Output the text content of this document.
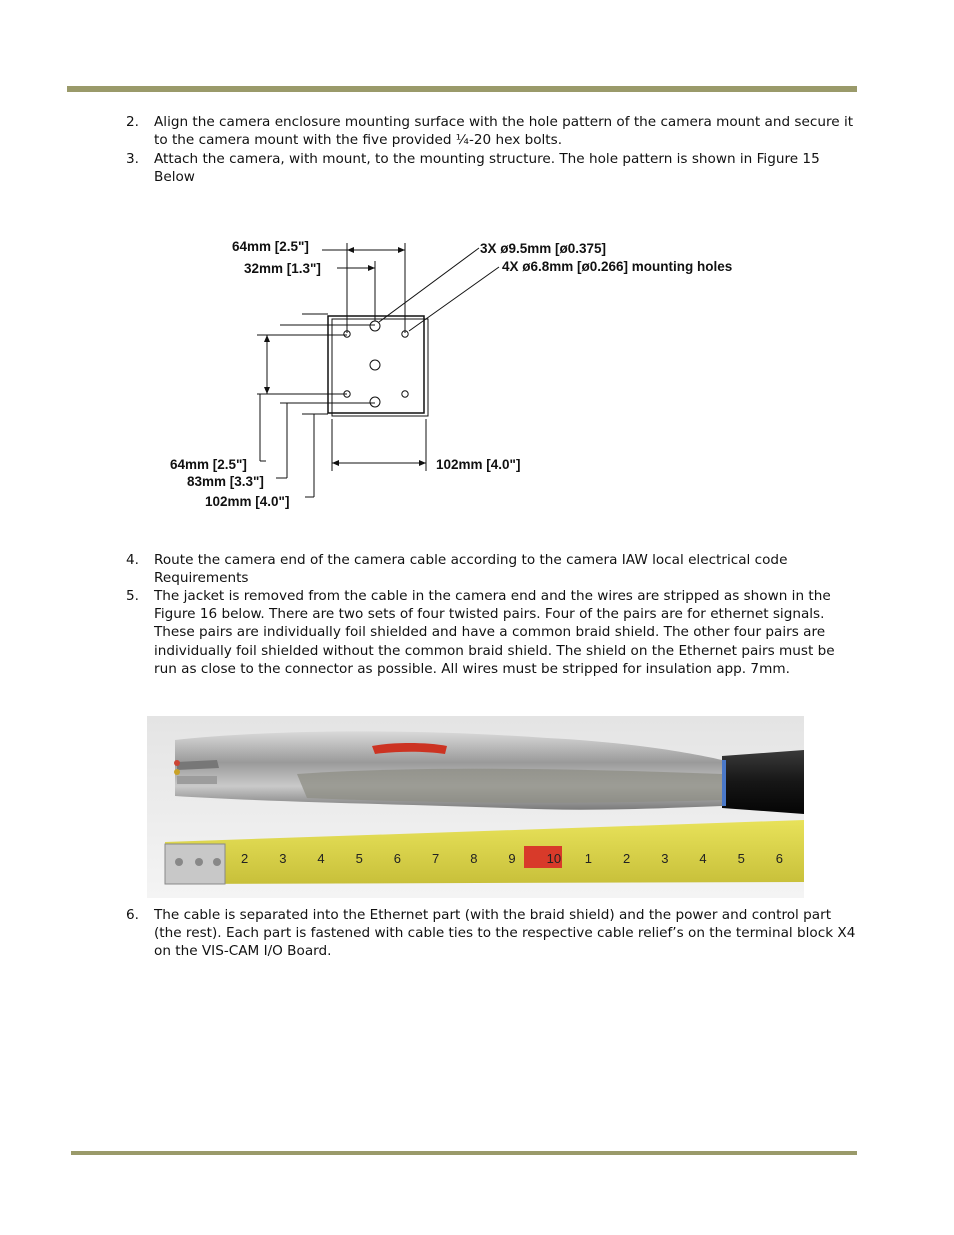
2. Align the camera enclosure mounting surface with the hole pattern of the camera mount and secure it to the camera mount with the five provided ¼-20 hex bolts.
3. Attach the camera, with mount, to the mounting structure. The hole pattern is shown in Figure 15 Below
64mm [2.5"]
32mm [1.3"]
3X ø9.5mm [ø0.375]
4X ø6.8mm [ø0.266] mounting holes
64mm [2.5"]
83mm [3.3"]
102mm [4.0"]
102mm [4.0"]
4. Route the camera end of the camera cable according to the camera IAW local electrical code Requirements
5. The jacket is removed from the cable in the camera end and the wires are stripped as shown in the Figure 16 below. There are two sets of four twisted pairs. Four of the pairs are for ethernet signals. These pairs are individually foil shielded and have a common braid shield. The other four pairs are individually foil shielded without the common braid shield. The shield on the Ethernet pairs must be run as close to the connector as possible. All wires must be stripped for insulation app. 7mm.
2 3 4 5 6 7 8 9 10 1 2 3 4 5 6
6. The cable is separated into the Ethernet part (with the braid shield) and the power and control part (the rest). Each part is fastened with cable ties to the respective cable relief’s on the terminal block X4 on the VIS-CAM I/O Board.
